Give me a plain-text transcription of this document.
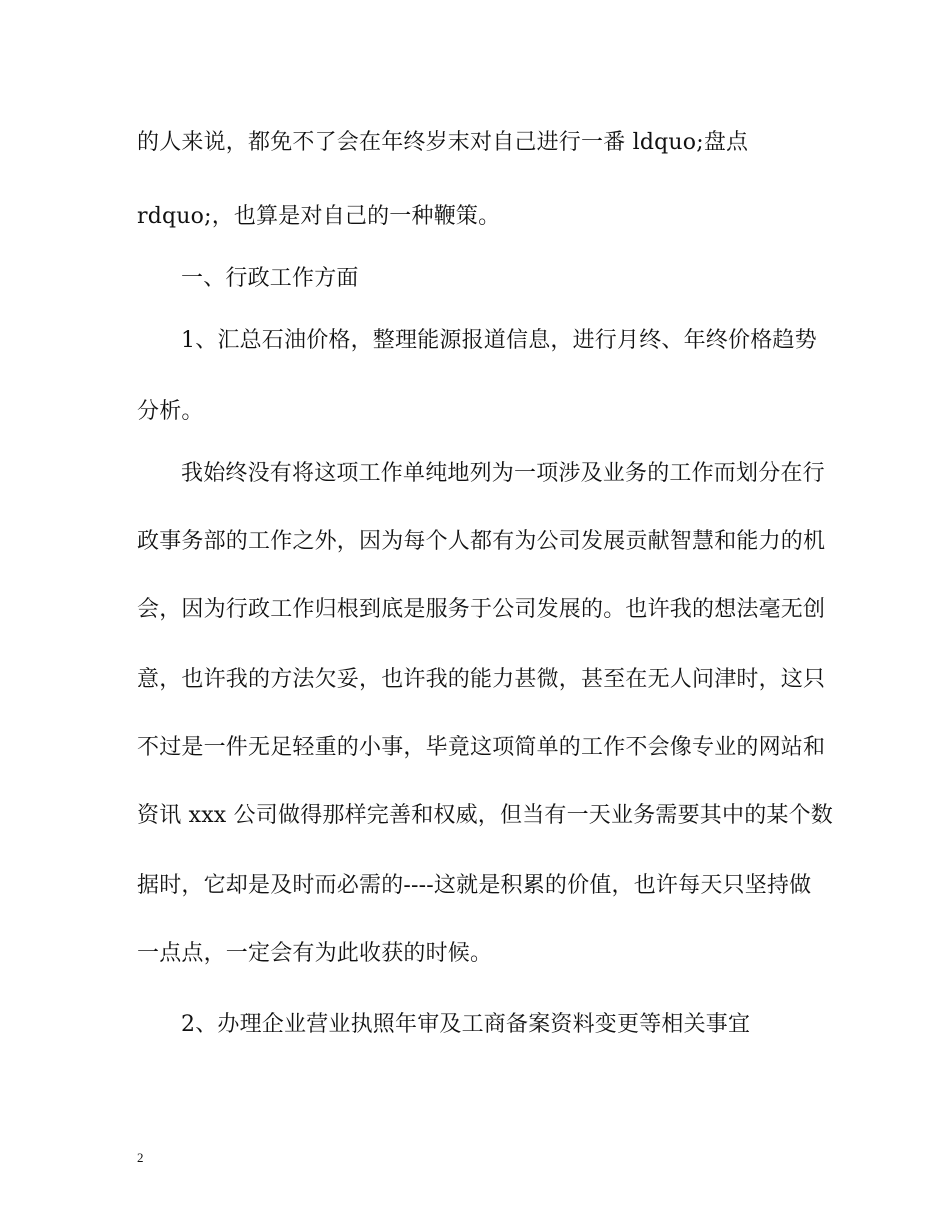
的人来说，都免不了会在年终岁末对自己进行一番 ldquo;盘点
rdquo;，也算是对自己的一种鞭策。
一、行政工作方面
1、汇总石油价格，整理能源报道信息，进行月终、年终价格趋势
分析。
我始终没有将这项工作单纯地列为一项涉及业务的工作而划分在行
政事务部的工作之外，因为每个人都有为公司发展贡献智慧和能力的机
会，因为行政工作归根到底是服务于公司发展的。也许我的想法毫无创
意，也许我的方法欠妥，也许我的能力甚微，甚至在无人问津时，这只
不过是一件无足轻重的小事，毕竟这项简单的工作不会像专业的网站和
资讯 xxx 公司做得那样完善和权威，但当有一天业务需要其中的某个数
据时，它却是及时而必需的----这就是积累的价值，也许每天只坚持做
一点点，一定会有为此收获的时候。
2、办理企业营业执照年审及工商备案资料变更等相关事宜
2
